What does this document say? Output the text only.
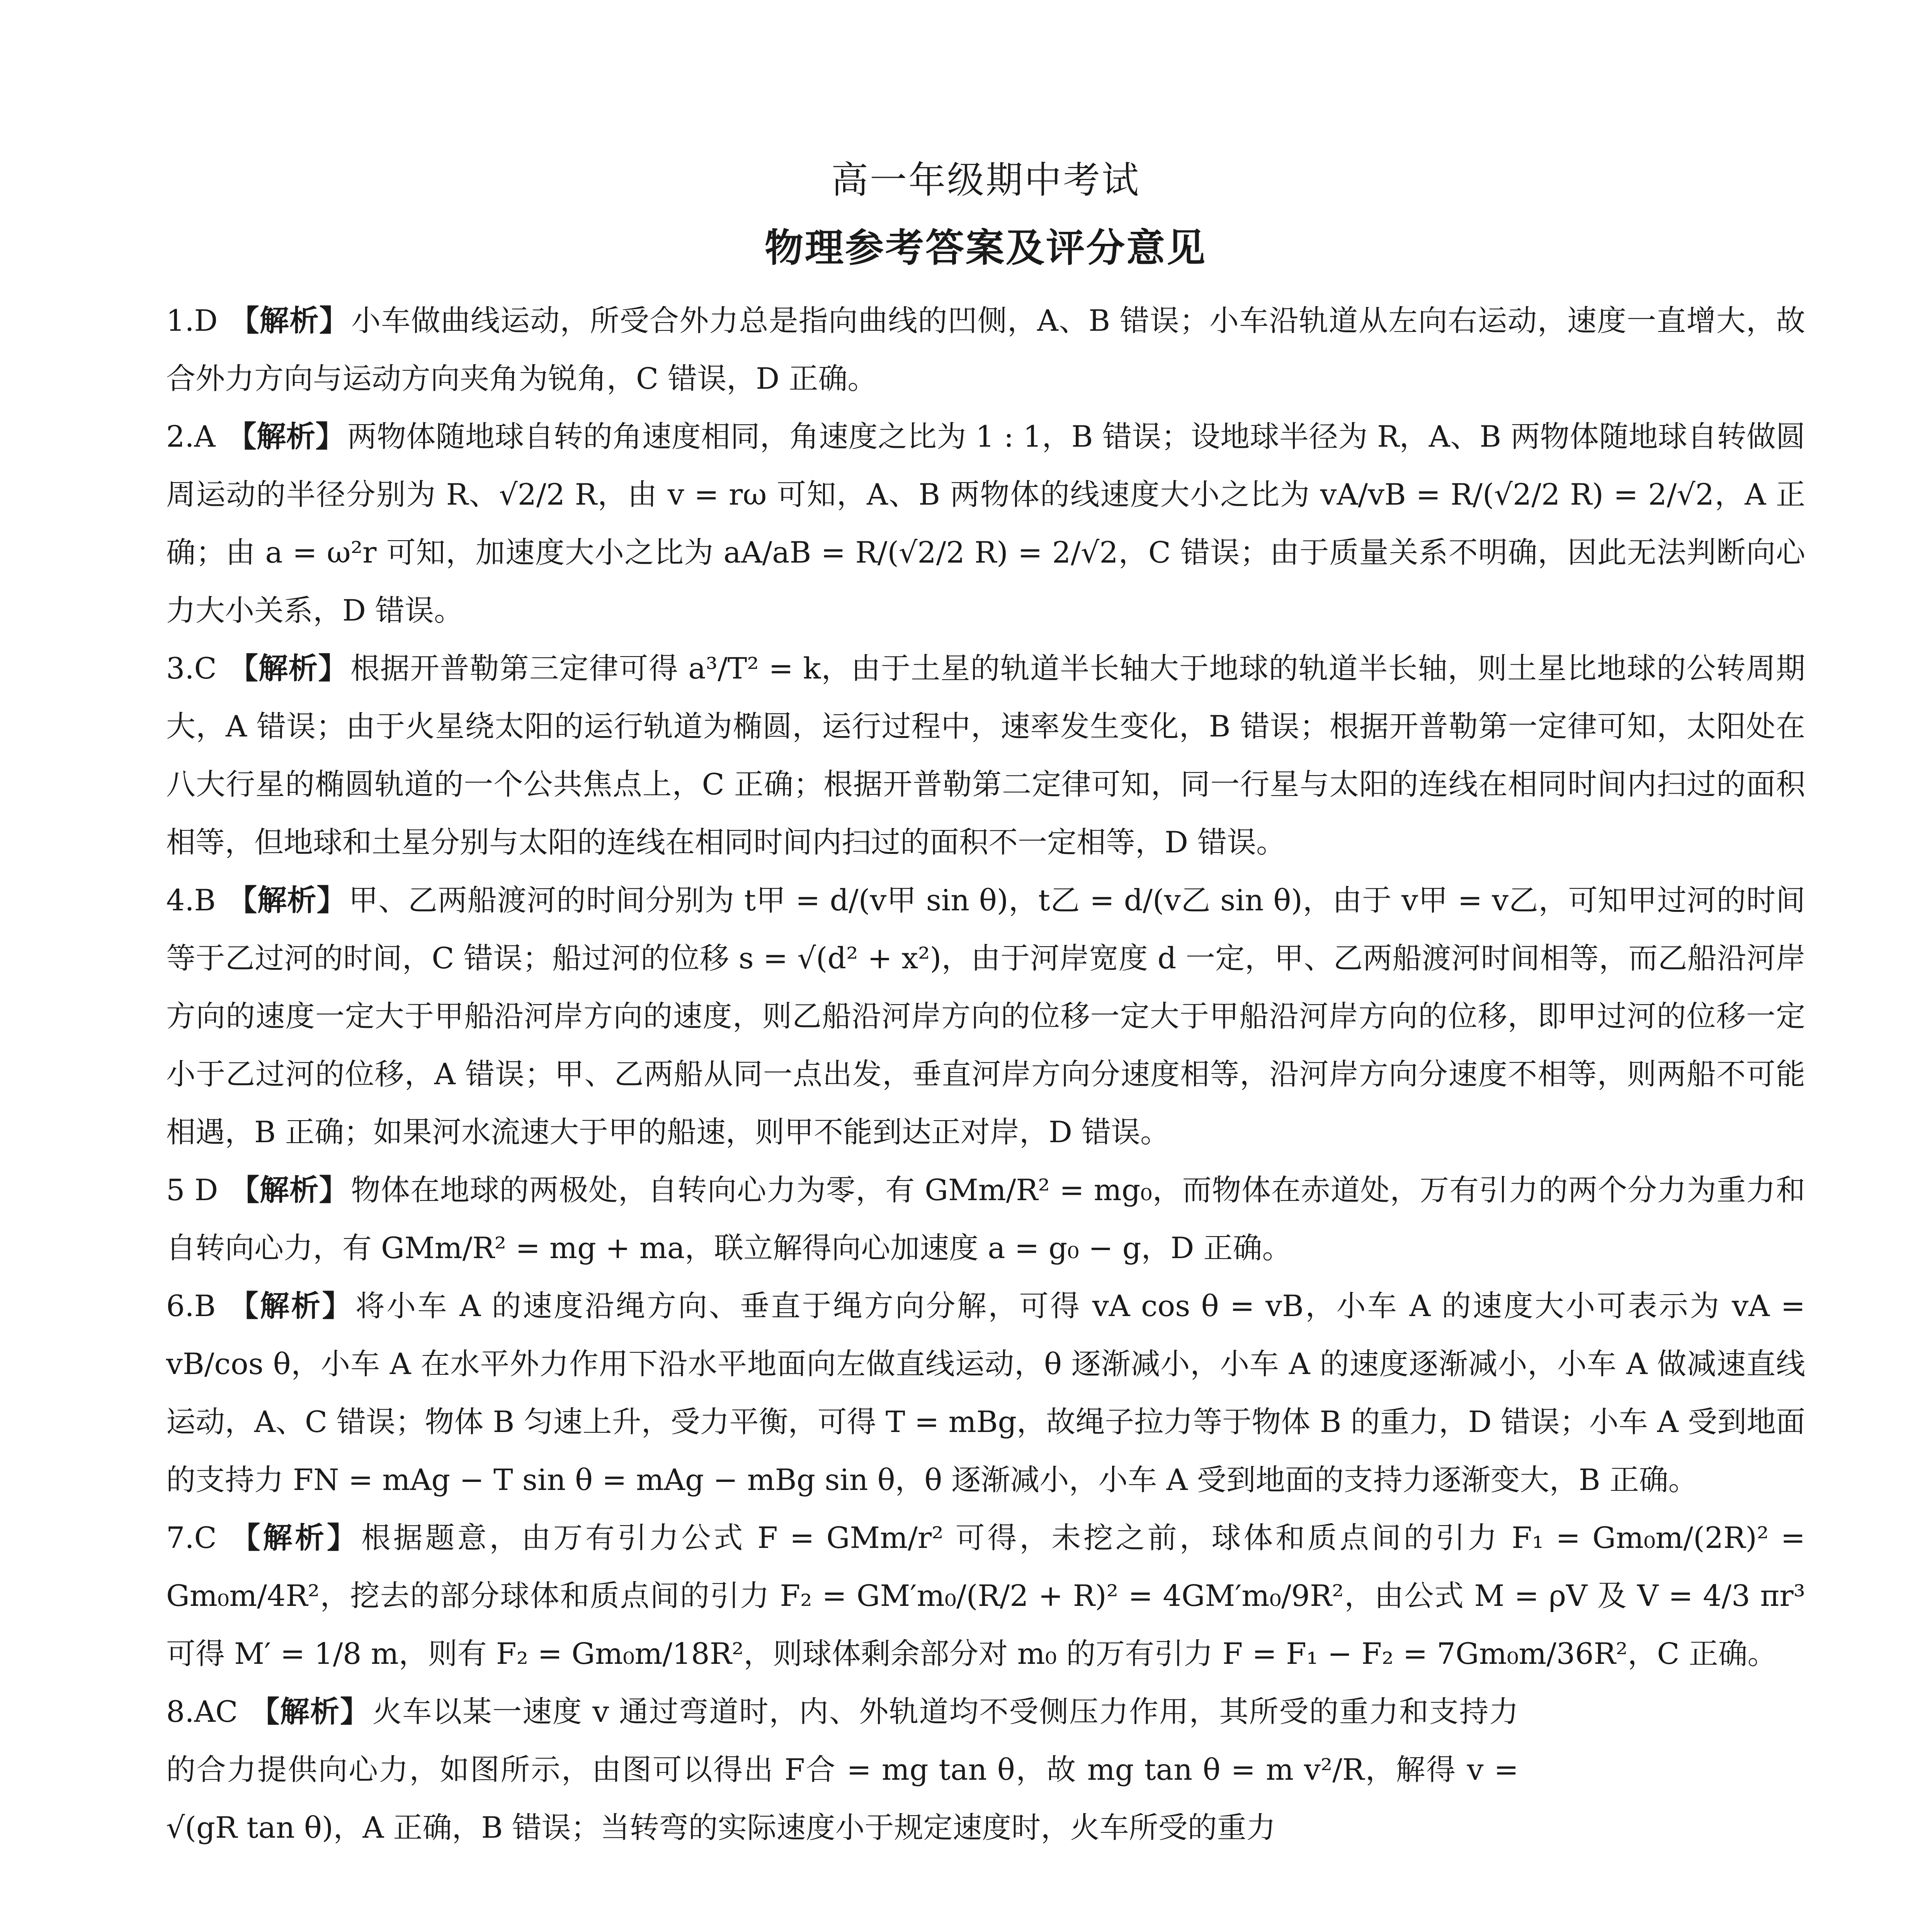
高一年级期中考试
物理参考答案及评分意见
1.D 【解析】小车做曲线运动，所受合外力总是指向曲线的凹侧，A、B 错误；小车沿轨道从左向右运动，速度一直增大，故合外力方向与运动方向夹角为锐角，C 错误，D 正确。
2.A 【解析】两物体随地球自转的角速度相同，角速度之比为 1 : 1，B 错误；设地球半径为 R，A、B 两物体随地球自转做圆周运动的半径分别为 R、√2/2 R，由 v = rω 可知，A、B 两物体的线速度大小之比为 vA/vB = R/(√2/2 R) = 2/√2，A 正确；由 a = ω²r 可知，加速度大小之比为 aA/aB = R/(√2/2 R) = 2/√2，C 错误；由于质量关系不明确，因此无法判断向心力大小关系，D 错误。
3.C 【解析】根据开普勒第三定律可得 a³/T² = k，由于土星的轨道半长轴大于地球的轨道半长轴，则土星比地球的公转周期大，A 错误；由于火星绕太阳的运行轨道为椭圆，运行过程中，速率发生变化，B 错误；根据开普勒第一定律可知，太阳处在八大行星的椭圆轨道的一个公共焦点上，C 正确；根据开普勒第二定律可知，同一行星与太阳的连线在相同时间内扫过的面积相等，但地球和土星分别与太阳的连线在相同时间内扫过的面积不一定相等，D 错误。
4.B 【解析】甲、乙两船渡河的时间分别为 t甲 = d/(v甲 sin θ)，t乙 = d/(v乙 sin θ)，由于 v甲 = v乙，可知甲过河的时间等于乙过河的时间，C 错误；船过河的位移 s = √(d² + x²)，由于河岸宽度 d 一定，甲、乙两船渡河时间相等，而乙船沿河岸方向的速度一定大于甲船沿河岸方向的速度，则乙船沿河岸方向的位移一定大于甲船沿河岸方向的位移，即甲过河的位移一定小于乙过河的位移，A 错误；甲、乙两船从同一点出发，垂直河岸方向分速度相等，沿河岸方向分速度不相等，则两船不可能相遇，B 正确；如果河水流速大于甲的船速，则甲不能到达正对岸，D 错误。
5 D 【解析】物体在地球的两极处，自转向心力为零，有 GMm/R² = mg₀，而物体在赤道处，万有引力的两个分力为重力和自转向心力，有 GMm/R² = mg + ma，联立解得向心加速度 a = g₀ − g，D 正确。
6.B 【解析】将小车 A 的速度沿绳方向、垂直于绳方向分解，可得 vA cos θ = vB，小车 A 的速度大小可表示为 vA = vB/cos θ，小车 A 在水平外力作用下沿水平地面向左做直线运动，θ 逐渐减小，小车 A 的速度逐渐减小，小车 A 做减速直线运动，A、C 错误；物体 B 匀速上升，受力平衡，可得 T = mBg，故绳子拉力等于物体 B 的重力，D 错误；小车 A 受到地面的支持力 FN = mAg − T sin θ = mAg − mBg sin θ，θ 逐渐减小，小车 A 受到地面的支持力逐渐变大，B 正确。
7.C 【解析】根据题意，由万有引力公式 F = GMm/r² 可得，未挖之前，球体和质点间的引力 F₁ = Gm₀m/(2R)² = Gm₀m/4R²，挖去的部分球体和质点间的引力 F₂ = GM′m₀/(R/2 + R)² = 4GM′m₀/9R²，由公式 M = ρV 及 V = 4/3 πr³ 可得 M′ = 1/8 m，则有 F₂ = Gm₀m/18R²，则球体剩余部分对 m₀ 的万有引力 F = F₁ − F₂ = 7Gm₀m/36R²，C 正确。
8.AC 【解析】火车以某一速度 v 通过弯道时，内、外轨道均不受侧压力作用，其所受的重力和支持力的合力提供向心力，如图所示，由图可以得出 F合 = mg tan θ，故 mg tan θ = m v²/R，解得 v = √(gR tan θ)，A 正确，B 错误；当转弯的实际速度小于规定速度时，火车所受的重力
